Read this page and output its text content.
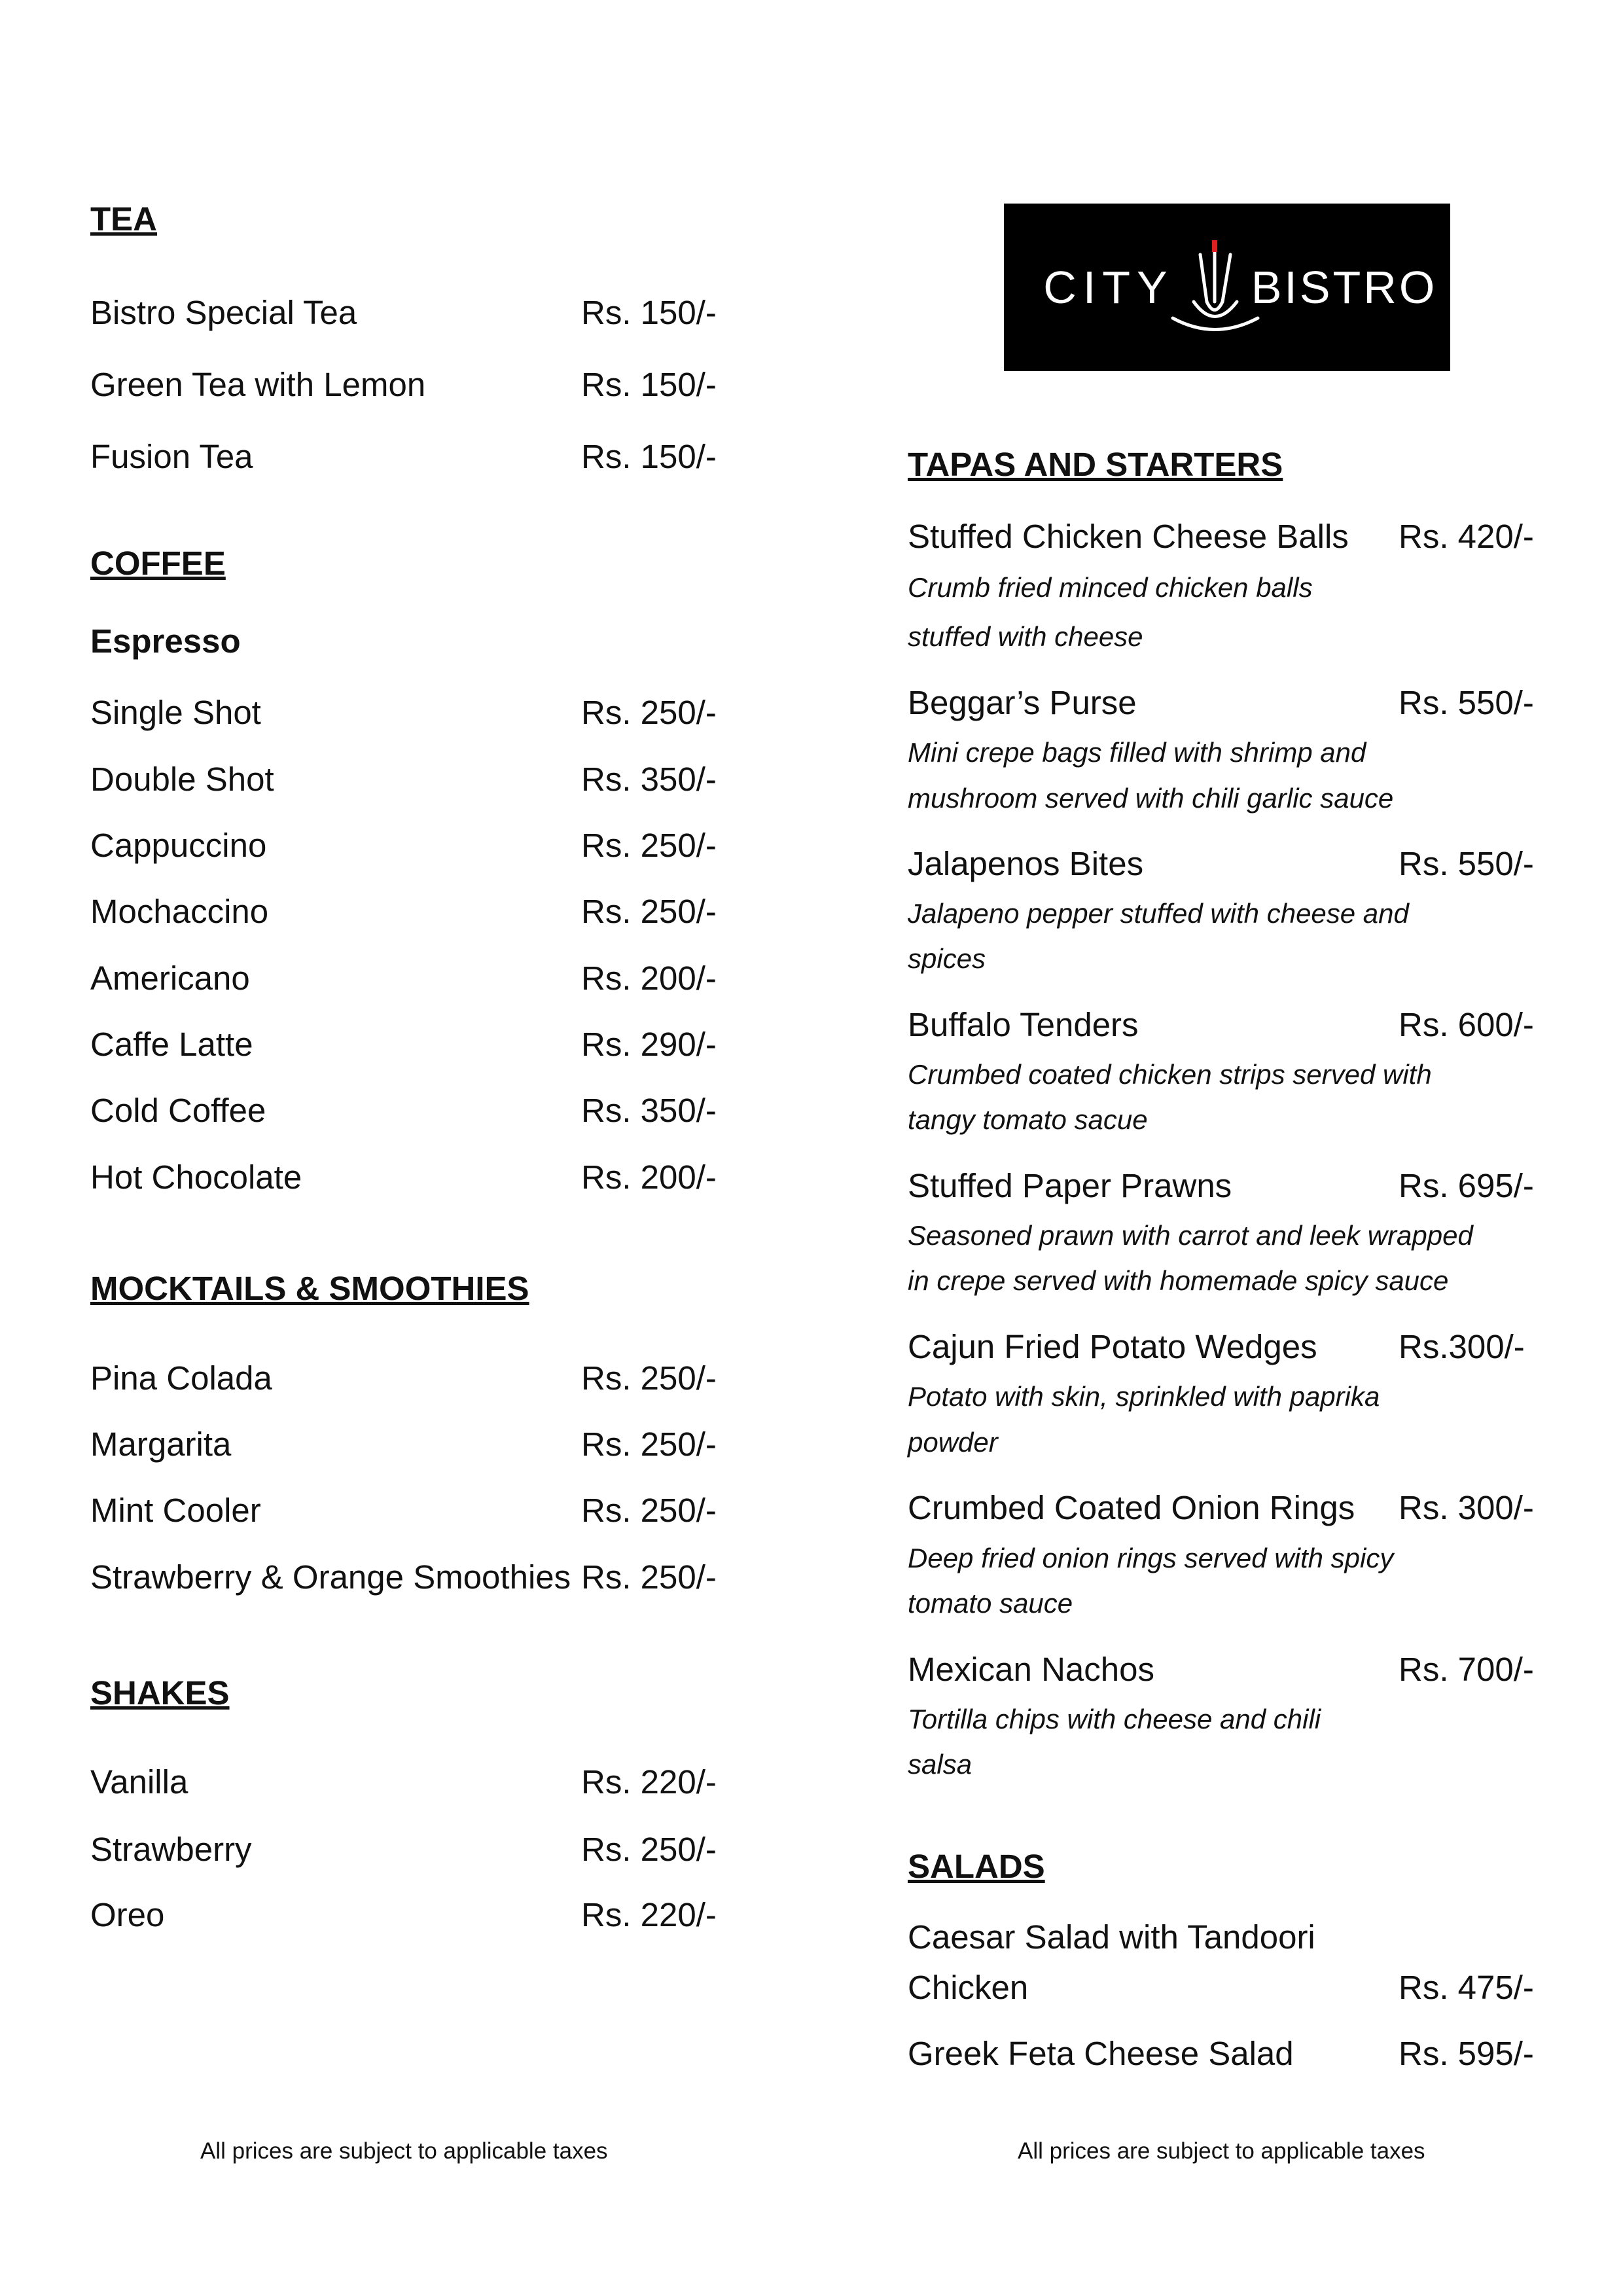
TEA
Bistro Special Tea	Rs. 150/-
Green Tea with Lemon	Rs. 150/-
Fusion Tea	Rs. 150/-
COFFEE
Espresso
Single Shot	Rs. 250/-
Double Shot	Rs. 350/-
Cappuccino	Rs. 250/-
Mochaccino	Rs. 250/-
Americano	Rs. 200/-
Caffe Latte	Rs. 290/-
Cold Coffee	Rs. 350/-
Hot Chocolate	Rs. 200/-
MOCKTAILS & SMOOTHIES
Pina Colada	Rs. 250/-
Margarita	Rs. 250/-
Mint Cooler	Rs. 250/-
Strawberry & Orange Smoothies Rs. 250/-
SHAKES
Vanilla	Rs. 220/-
Strawberry	Rs. 250/-
Oreo	Rs. 220/-
All prices are subject to applicable taxes
CITY BISTRO
TAPAS AND STARTERS
Stuffed Chicken Cheese Balls Rs. 420/-
Crumb fried minced chicken balls
stuffed with cheese
Beggar’s Purse	Rs. 550/-
Mini crepe bags filled with shrimp and
mushroom served with chili garlic sauce
Jalapenos Bites	Rs. 550/-
Jalapeno pepper stuffed with cheese and
spices
Buffalo Tenders	Rs. 600/-
Crumbed coated chicken strips served with
tangy tomato sacue
Stuffed Paper Prawns	Rs. 695/-
Seasoned prawn with carrot and leek wrapped
in crepe served with homemade spicy sauce
Cajun Fried Potato Wedges Rs.300/-
Potato with skin, sprinkled with paprika
powder
Crumbed Coated Onion Rings Rs. 300/-
Deep fried onion rings served with spicy
tomato sauce
Mexican Nachos	Rs. 700/-
Tortilla chips with cheese and chili
salsa
SALADS
Caesar Salad with Tandoori
Chicken	Rs. 475/-
Greek Feta Cheese Salad	Rs. 595/-
All prices are subject to applicable taxes
